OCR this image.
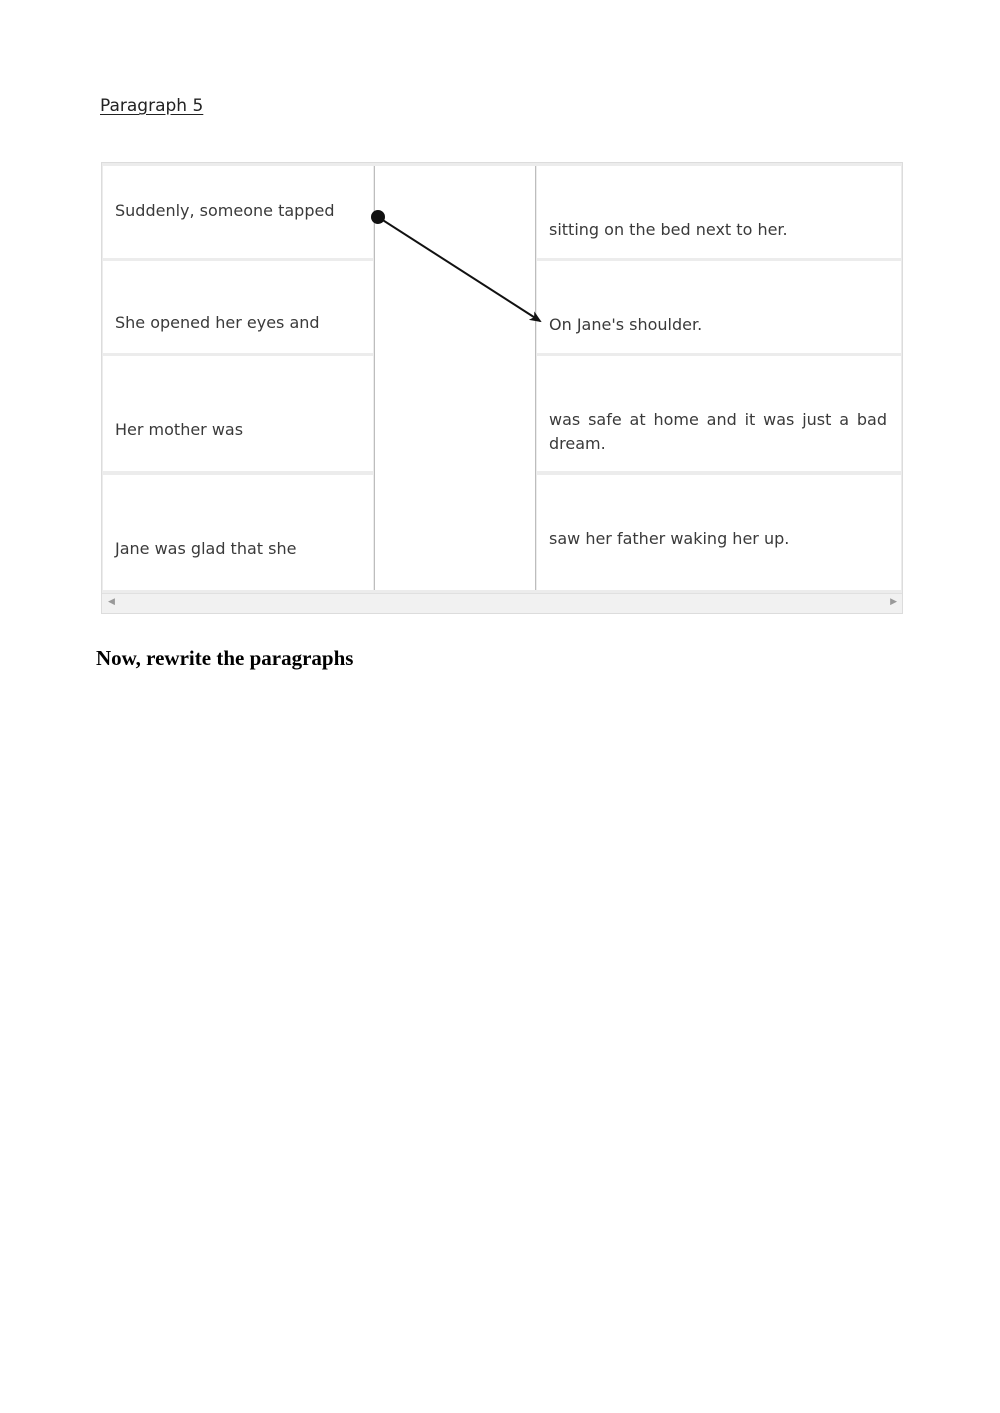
Paragraph 5
Suddenly, someone tapped
She opened her eyes and
Her mother was
Jane was glad that she
sitting on the bed next to her.
On Jane's shoulder.
was safe at home and it was just a bad dream.
saw her father waking her up.
◀	▶
Now, rewrite the paragraphs
